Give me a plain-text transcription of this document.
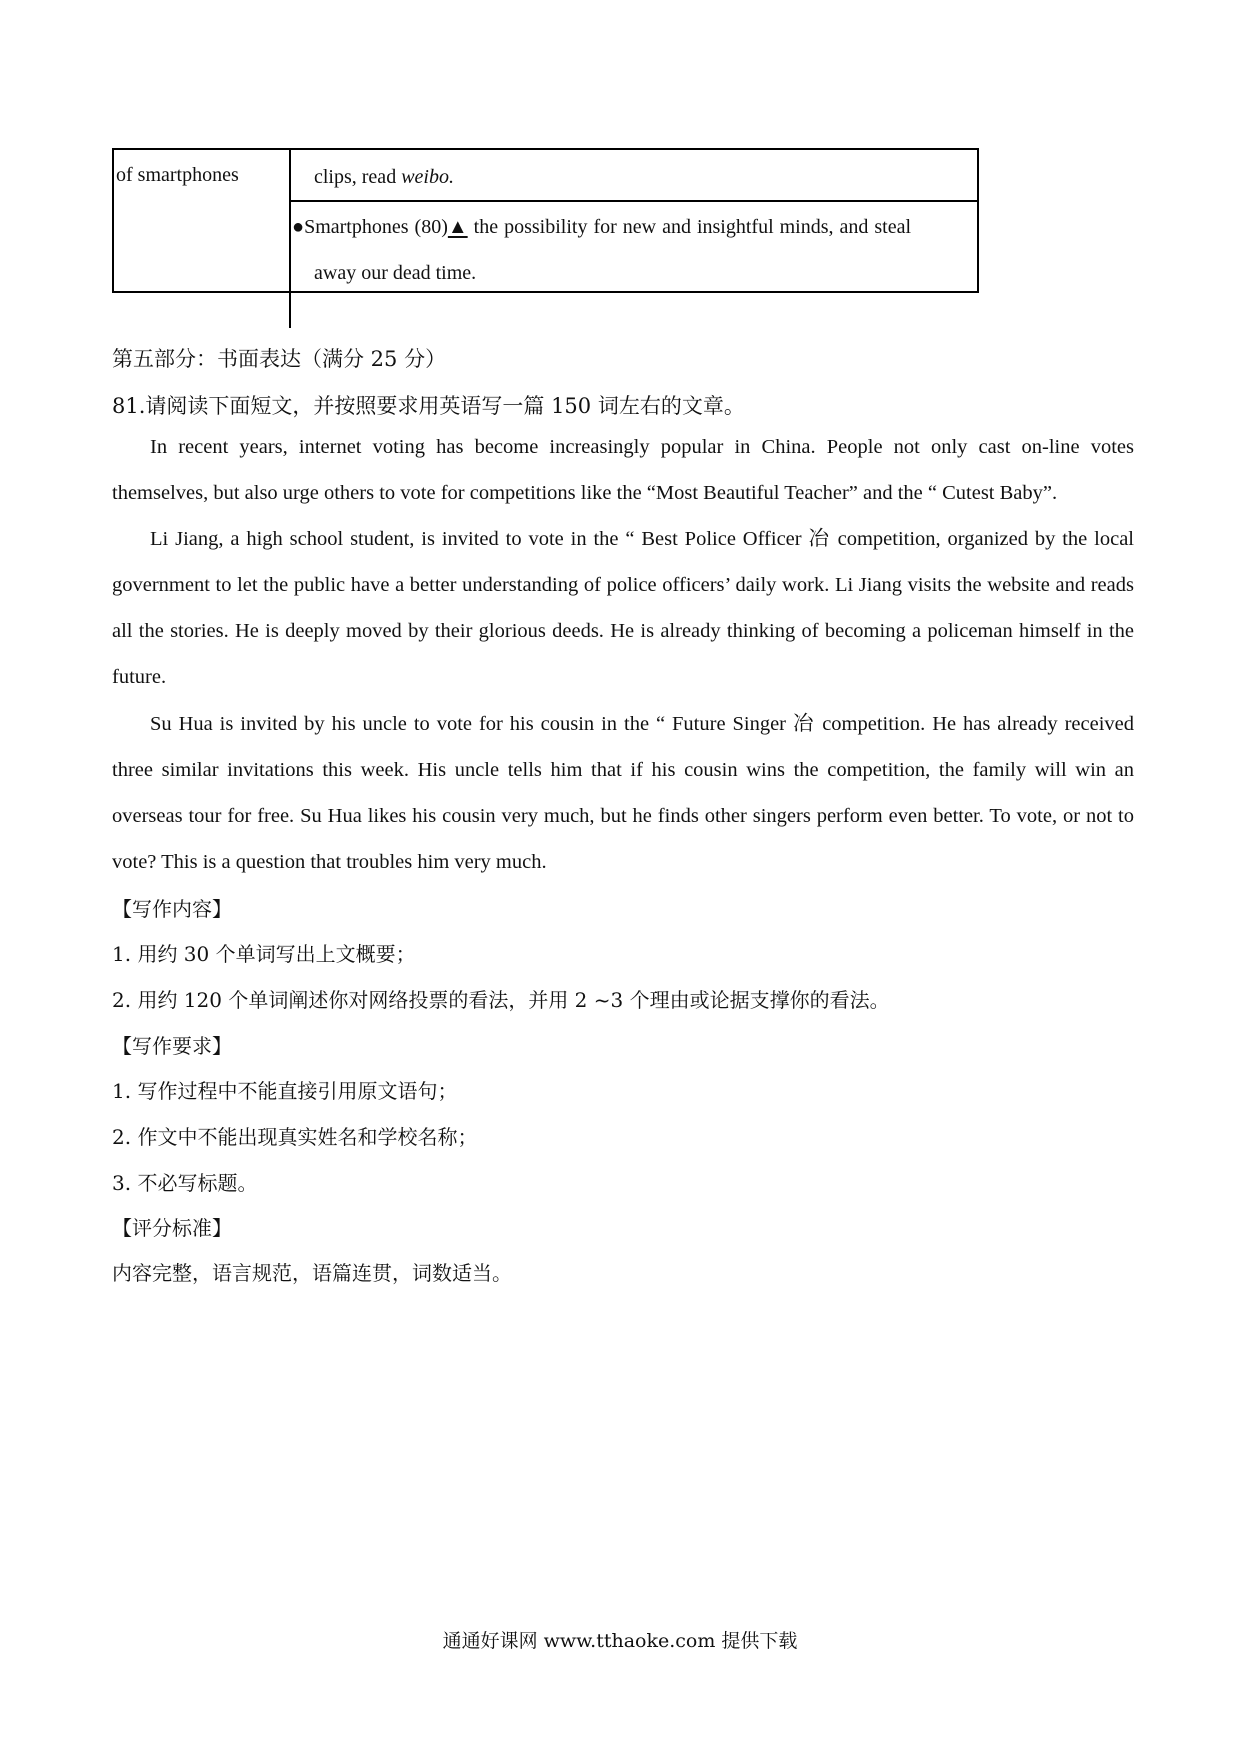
of smartphones	clips, read weibo.
●Smartphones (80)▲ the possibility for new and insightful minds, and steal
away our dead time.
第五部分：书面表达（满分 25 分）
81.请阅读下面短文，并按照要求用英语写一篇 150 词左右的文章。
In recent years, internet voting has become increasingly popular in China. People not only cast on-line votes themselves, but also urge others to vote for competitions like the “Most Beautiful Teacher” and the “ Cutest Baby”.
Li Jiang, a high school student, is invited to vote in the “ Best Police Officer 冶 competition, organized by the local government to let the public have a better understanding of police officers’ daily work. Li Jiang visits the website and reads all the stories. He is deeply moved by their glorious deeds. He is already thinking of becoming a policeman himself in the future.
Su Hua is invited by his uncle to vote for his cousin in the “ Future Singer 冶 competition. He has already received three similar invitations this week. His uncle tells him that if his cousin wins the competition, the family will win an overseas tour for free. Su Hua likes his cousin very much, but he finds other singers perform even better. To vote, or not to vote? This is a question that troubles him very much.
【写作内容】
1. 用约 30 个单词写出上文概要；
2. 用约 120 个单词阐述你对网络投票的看法，并用 2 ~3 个理由或论据支撑你的看法。
【写作要求】
1. 写作过程中不能直接引用原文语句；
2. 作文中不能出现真实姓名和学校名称；
3. 不必写标题。
【评分标准】
内容完整，语言规范，语篇连贯，词数适当。
通通好课网 www.tthaoke.com 提供下载
